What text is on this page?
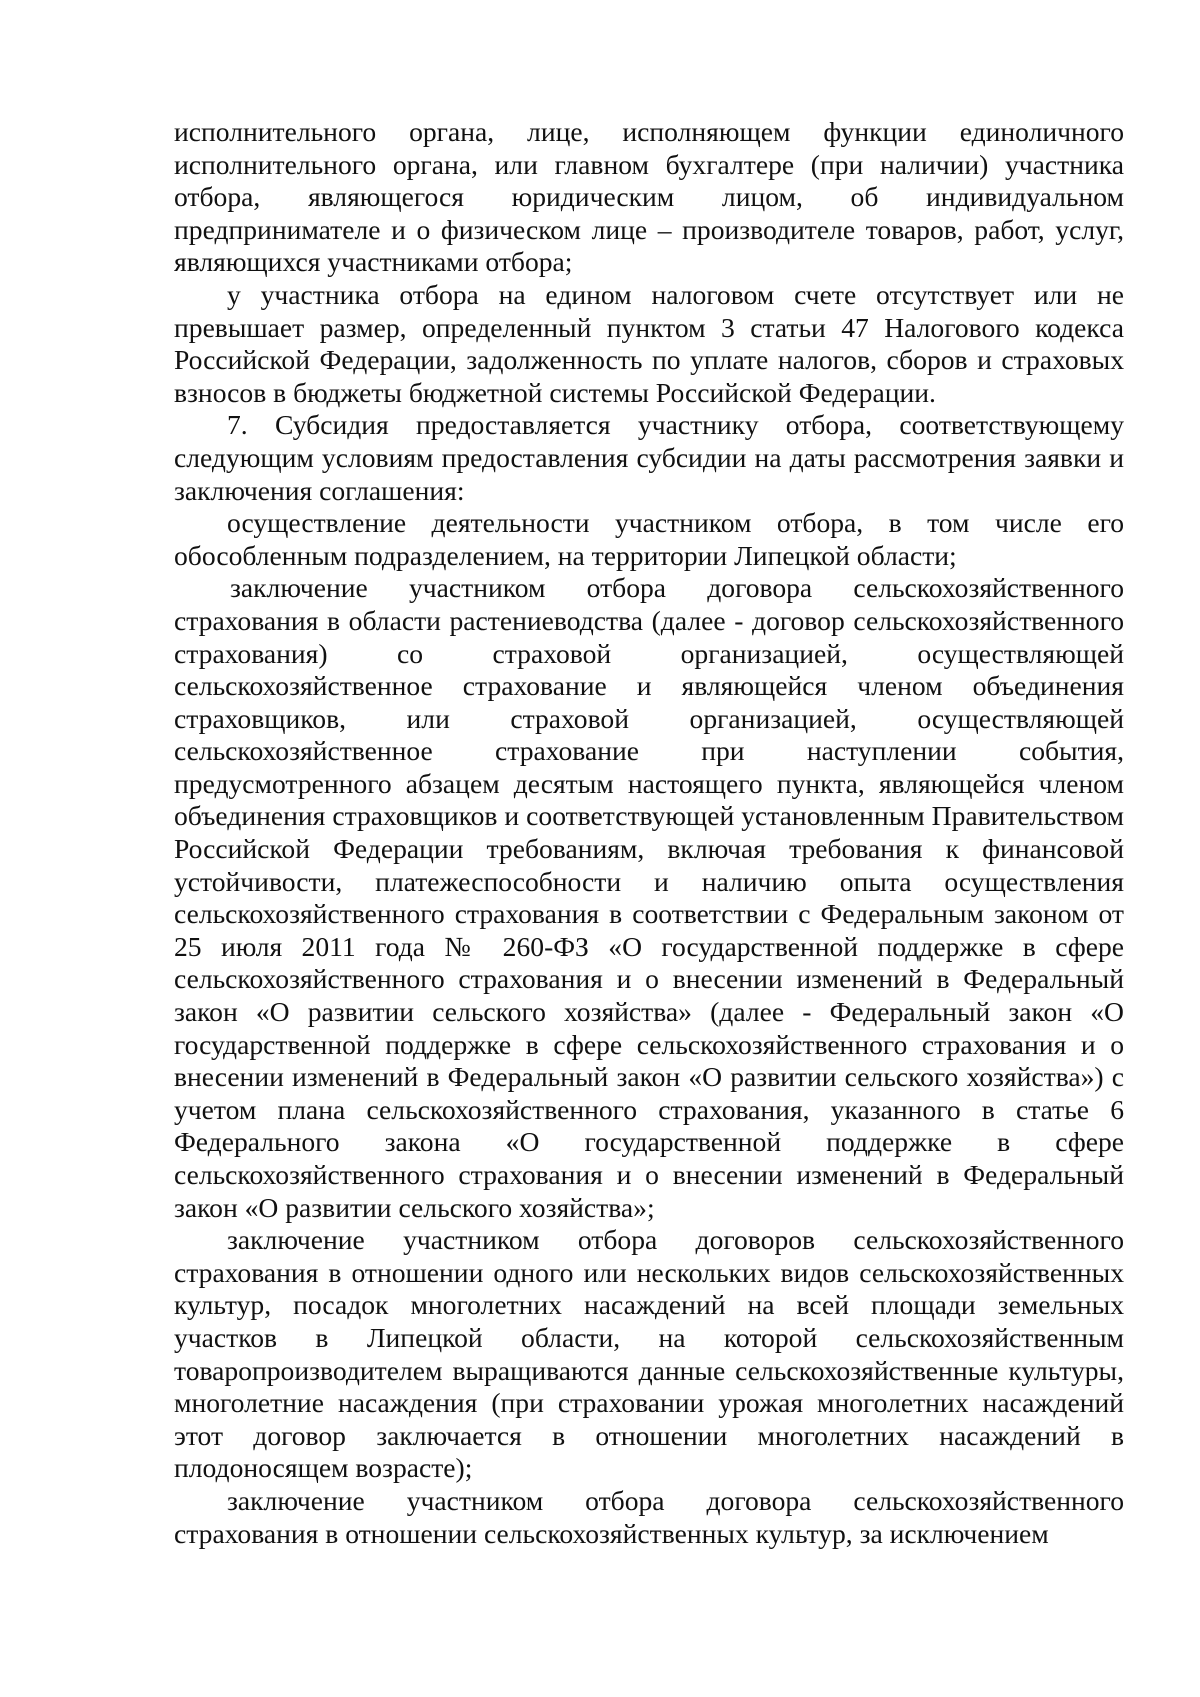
исполнительного органа, лице, исполняющем функции единоличного исполнительного органа, или главном бухгалтере (при наличии) участника отбора, являющегося юридическим лицом, об индивидуальном предпринимателе и о физическом лице – производителе товаров, работ, услуг, являющихся участниками отбора;

у участника отбора на едином налоговом счете отсутствует или не превышает размер, определенный пунктом 3 статьи 47 Налогового кодекса Российской Федерации, задолженность по уплате налогов, сборов и страховых взносов в бюджеты бюджетной системы Российской Федерации.

7. Субсидия предоставляется участнику отбора, соответствующему следующим условиям предоставления субсидии на даты рассмотрения заявки и заключения соглашения:

осуществление деятельности участником отбора, в том числе его обособленным подразделением, на территории Липецкой области;

заключение участником отбора договора сельскохозяйственного страхования в области растениеводства (далее - договор сельскохозяйственного страхования) со страховой организацией, осуществляющей сельскохозяйственное страхование и являющейся членом объединения страховщиков, или страховой организацией, осуществляющей сельскохозяйственное страхование при наступлении события, предусмотренного абзацем десятым настоящего пункта, являющейся членом объединения страховщиков и соответствующей установленным Правительством Российской Федерации требованиям, включая требования к финансовой устойчивости, платежеспособности и наличию опыта осуществления сельскохозяйственного страхования в соответствии с Федеральным законом от 25 июля 2011 года № 260-ФЗ «О государственной поддержке в сфере сельскохозяйственного страхования и о внесении изменений в Федеральный закон «О развитии сельского хозяйства» (далее - Федеральный закон «О государственной поддержке в сфере сельскохозяйственного страхования и о внесении изменений в Федеральный закон «О развитии сельского хозяйства») с учетом плана сельскохозяйственного страхования, указанного в статье 6 Федерального закона «О государственной поддержке в сфере сельскохозяйственного страхования и о внесении изменений в Федеральный закон «О развитии сельского хозяйства»;

заключение участником отбора договоров сельскохозяйственного страхования в отношении одного или нескольких видов сельскохозяйственных культур, посадок многолетних насаждений на всей площади земельных участков в Липецкой области, на которой сельскохозяйственным товаропроизводителем выращиваются данные сельскохозяйственные культуры, многолетние насаждения (при страховании урожая многолетних насаждений этот договор заключается в отношении многолетних насаждений в плодоносящем возрасте);

заключение участником отбора договора сельскохозяйственного страхования в отношении сельскохозяйственных культур, за исключением
